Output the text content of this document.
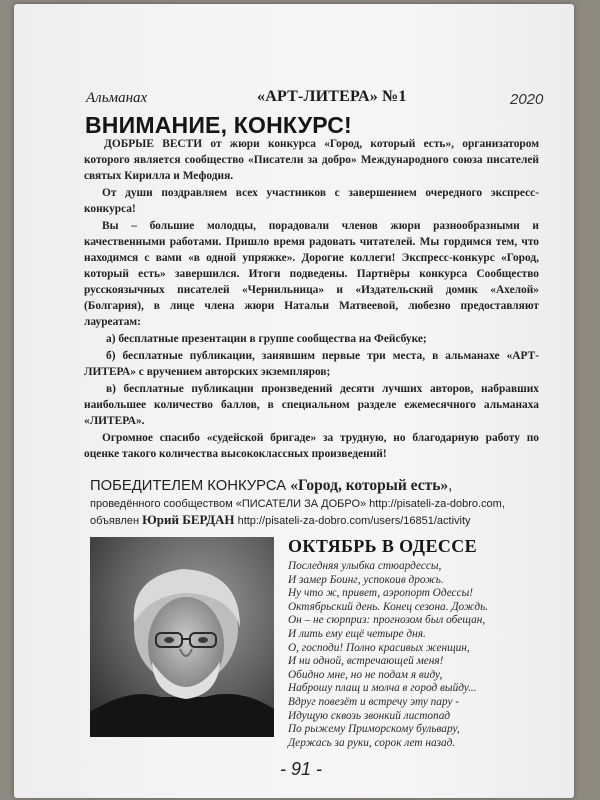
Альманах	«АРТ-ЛИТЕРА» №1	2020
ВНИМАНИЕ, КОНКУРС!

ДОБРЫЕ ВЕСТИ от жюри конкурса «Город, который есть», организатором которого является сообщество «Писатели за добро» Международного союза писателей святых Кирилла и Мефодия.

От души поздравляем всех участников с завершением очередного экспресс-конкурса!

Вы – большие молодцы, порадовали членов жюри разнообразными и качественными работами. Пришло время радовать читателей. Мы гордимся тем, что находимся с вами «в одной упряжке». Дорогие коллеги! Экспресс-конкурс «Город, который есть» завершился. Итоги подведены. Партнёры конкурса Сообщество русскоязычных писателей «Чернильница» и «Издательский домик «Ахелой» (Болгария), в лице члена жюри Натальи Матвеевой, любезно предоставляют лауреатам:

а) бесплатные презентации в группе сообщества на Фейсбуке;

б) бесплатные публикации, занявшим первые три места, в альманахе «АРТ-ЛИТЕРА» с вручением авторских экземпляров;

в) бесплатные публикации произведений десяти лучших авторов, набравших наибольшее количество баллов, в специальном разделе ежемесячного альманаха «ЛИТЕРА».

Огромное спасибо «судейской бригаде» за трудную, но благодарную работу по оценке такого количества высококлассных произведений!

ПОБЕДИТЕЛЕМ КОНКУРСА «Город, который есть»,
проведённого сообществом «ПИСАТЕЛИ ЗА ДОБРО» http://pisateli-za-dobro.com,
объявлен Юрий БЕРДАН http://pisateli-za-dobro.com/users/16851/activity
ОКТЯБРЬ В ОДЕССЕ
Последняя улыбка стюардессы,
И замер Боинг, успокоив дрожь.
Ну что ж, привет, аэропорт Одессы!
Октябрьский день. Конец сезона. Дождь.
Он – не сюрприз: прогнозом был обещан,
И лить ему ещё четыре дня.
О, господи! Полно красивых женщин,
И ни одной, встречающей меня!
Обидно мне, но не подам я виду,
Наброшу плащ и молча в город выйду...
Вдруг повезёт и встречу эту пару -
Идущую сквозь звонкий листопад
По рыжему Приморскому бульвару,
Держась за руки, сорок лет назад.
- 91 -
